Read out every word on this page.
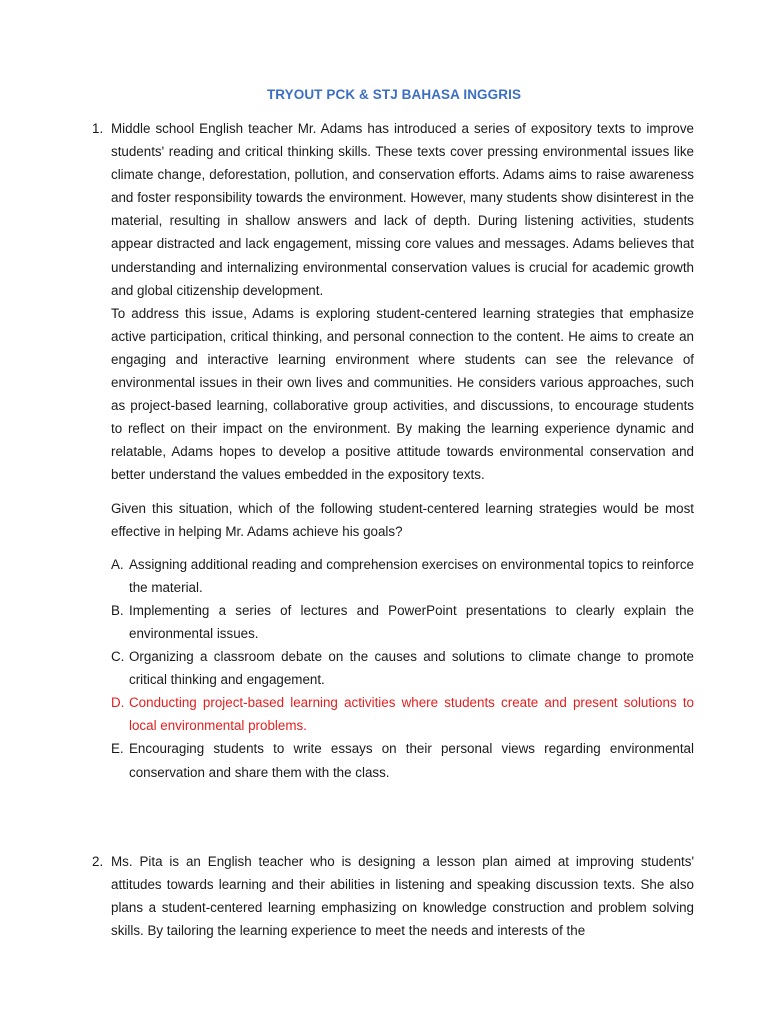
TRYOUT PCK & STJ BAHASA INGGRIS
1. Middle school English teacher Mr. Adams has introduced a series of expository texts to improve students' reading and critical thinking skills. These texts cover pressing environmental issues like climate change, deforestation, pollution, and conservation efforts. Adams aims to raise awareness and foster responsibility towards the environment. However, many students show disinterest in the material, resulting in shallow answers and lack of depth. During listening activities, students appear distracted and lack engagement, missing core values and messages. Adams believes that understanding and internalizing environmental conservation values is crucial for academic growth and global citizenship development.

To address this issue, Adams is exploring student-centered learning strategies that emphasize active participation, critical thinking, and personal connection to the content. He aims to create an engaging and interactive learning environment where students can see the relevance of environmental issues in their own lives and communities. He considers various approaches, such as project-based learning, collaborative group activities, and discussions, to encourage students to reflect on their impact on the environment. By making the learning experience dynamic and relatable, Adams hopes to develop a positive attitude towards environmental conservation and better understand the values embedded in the expository texts.

Given this situation, which of the following student-centered learning strategies would be most effective in helping Mr. Adams achieve his goals?

A. Assigning additional reading and comprehension exercises on environmental topics to reinforce the material.
B. Implementing a series of lectures and PowerPoint presentations to clearly explain the environmental issues.
C. Organizing a classroom debate on the causes and solutions to climate change to promote critical thinking and engagement.
D. Conducting project-based learning activities where students create and present solutions to local environmental problems.
E. Encouraging students to write essays on their personal views regarding environmental conservation and share them with the class.
2. Ms. Pita is an English teacher who is designing a lesson plan aimed at improving students' attitudes towards learning and their abilities in listening and speaking discussion texts. She also plans a student-centered learning emphasizing on knowledge construction and problem solving skills. By tailoring the learning experience to meet the needs and interests of the
